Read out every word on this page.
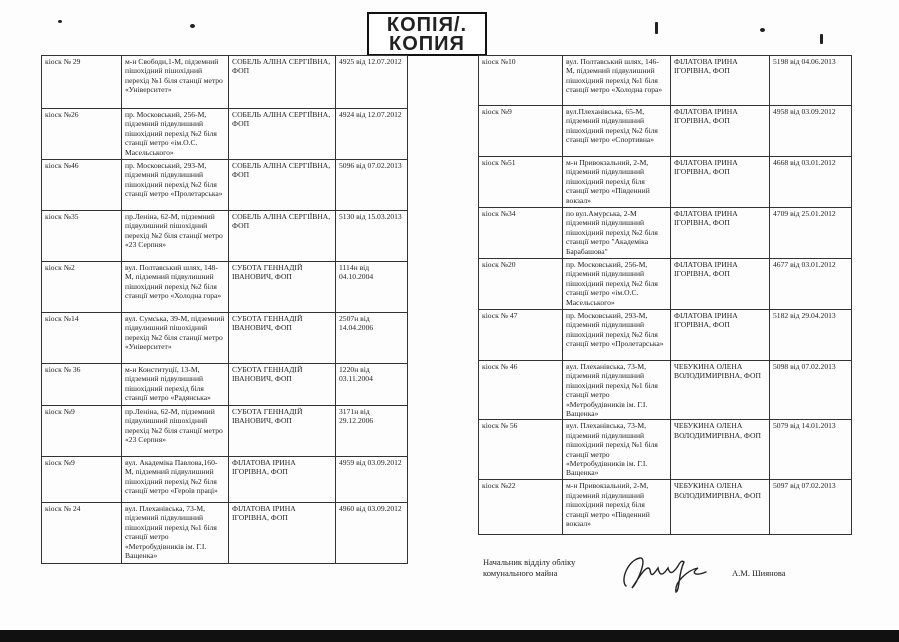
КОПІЯ/.
КОПИЯ
кіоск № 29	м-н Свободи,1-М, підземний пішохідний пішохідний перехід №1 біля станції метро «Університет»	СОБЕЛЬ АЛІНА СЕРГІЇВНА, ФОП	4925 від 12.07.2012
кіоск №26	пр. Московський, 256-М, підземний підвулишний пішохідний перехід №2 біля станції метро «ім.О.С. Масельського»	СОБЕЛЬ АЛІНА СЕРГІЇВНА, ФОП	4924 від 12.07.2012
кіоск №46	пр. Московський, 293-М, підземний підвулишний пішохідний перехід №2 біля станції метро «Пролетарська»	СОБЕЛЬ АЛІНА СЕРГІЇВНА, ФОП	5096 від 07.02.2013
кіоск №35	пр.Леніна, 62-М, підземний підвулишний пішохідний перехід №2 біля станції метро «23 Серпня»	СОБЕЛЬ АЛІНА СЕРГІЇВНА, ФОП	5130 від 15.03.2013
кіоск №2	вул. Полтавський шлях, 148-М, підземний підвулишний пішохідний перехід №2 біля станції метро «Холодна гора»	СУБОТА ГЕННАДІЙ ІВАНОВИЧ, ФОП	1114н від 04.10.2004
кіоск №14	вул. Сумська, 39-М, підземний підвулишний пішохідний перехід №2 біля станції метро «Університет»	СУБОТА ГЕННАДІЙ ІВАНОВИЧ, ФОП	2507н від 14.04.2006
кіоск № 36	м-н Конституції, 13-М, підземний підвулишний пішохідний перехід біля станції метро «Радянська»	СУБОТА ГЕННАДІЙ ІВАНОВИЧ, ФОП	1220н від 03.11.2004
кіоск №9	пр.Леніна, 62-М, підземний підвулишний пішохідний перехід №2 біля станції метро «23 Серпня»	СУБОТА ГЕННАДІЙ ІВАНОВИЧ, ФОП	3171н від 29.12.2006
кіоск №9	вул. Академіка Павлова,160-М, підземний підвулишний пішохідний перехід №2 біля станції метро «Героїв праці»	ФІЛАТОВА ІРИНА ІГОРІВНА, ФОП	4959 від 03.09.2012
кіоск № 24	вул. Плеханівська, 73-М, підземний підвулишний пішохідний перехід №1 біля станції метро «Метробудівників ім. Г.І. Ващенка»	ФІЛАТОВА ІРИНА ІГОРІВНА, ФОП	4960 від 03.09.2012
кіоск №10	вул. Полтавський шлях, 146-М, підземний підвулишний пішохідний перехід №1 біля станції метро «Холодна гора»	ФІЛАТОВА ІРИНА ІГОРІВНА, ФОП	5198 від 04.06.2013
кіоск №9	вул.Плеханівська, 65-М, підземний підвулишний пішохідний перехід №2 біля станції метро «Спортивна»	ФІЛАТОВА ІРИНА ІГОРІВНА, ФОП	4958 від 03.09.2012
кіоск №51	м-н Привокзальний, 2-М, підземний підвулишний пішохідний перехід біля станції метро «Південний вокзал»	ФІЛАТОВА ІРИНА ІГОРІВНА, ФОП	4668 від 03.01.2012
кіоск №34	по вул.Амурська, 2-М підземний підвулишний пішохідний перехід №2 біля станції метро "Академіка Барабашова"	ФІЛАТОВА ІРИНА ІГОРІВНА, ФОП	4709 від 25.01.2012
кіоск №20	пр. Московський, 256-М, підземний підвулишний пішохідний перехід №2 біля станції метро «ім.О.С. Масельського»	ФІЛАТОВА ІРИНА ІГОРІВНА, ФОП	4677 від 03.01.2012
кіоск № 47	пр. Московський, 293-М, підземний підвулишний пішохідний перехід №2 біля станції метро «Пролетарська»	ФІЛАТОВА ІРИНА ІГОРІВНА, ФОП	5182 від 29.04.2013
кіоск № 46	вул. Плеханівська, 73-М, підземний підвулишний пішохідний перехід №1 біля станції метро «Метробудівників ім. Г.І. Ващенка»	ЧЕБУКИНА ОЛЕНА ВОЛОДИМИРІВНА, ФОП	5098 від 07.02.2013
кіоск № 56	вул. Плеханівська, 73-М, підземний підвулишний пішохідний перехід №1 біля станції метро «Метробудівників ім. Г.І. Ващенка»	ЧЕБУКИНА ОЛЕНА ВОЛОДИМИРІВНА, ФОП	5079 від 14.01.2013
кіоск №22	м-н Привокзальний, 2-М, підземний підвулишний пішохідний перехід біля станції метро «Південний вокзал»	ЧЕБУКИНА ОЛЕНА ВОЛОДИМИРІВНА, ФОП	5097 від 07.02.2013
Начальник відділу обліку
комунального майна	А.М. Шиянова
